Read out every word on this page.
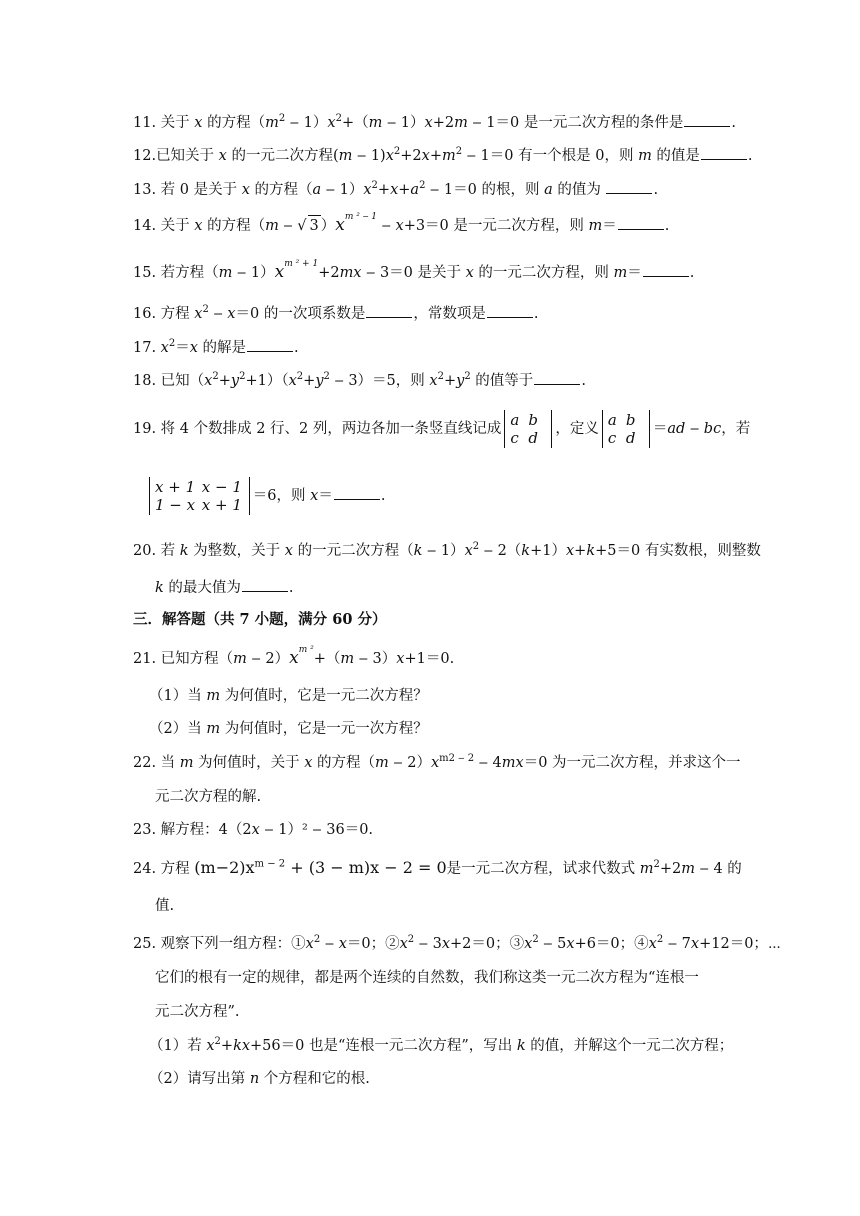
11. 关于 x 的方程（$m^2$ ‒ $1)x^2+(m$ ‒ 1）x+2m ‒ 1＝0 是一元二次方程的条件是	.
12.已知关于 x 的一元二次方程(m ‒ $1)x^2+2x+m^2$ ‒ 1＝0 有一个根是 0，则 m 的值是	.
13. 若 0 是关于 x 的方程（a ‒ $1)x^2+x+a^2$ ‒ 1＝0 的根，则 a 的值为	.
14. 关于 x 的方程（m ‒ √ 3 ）$x^{m ^2 ‒ 1}$ ‒ x+3＝0 是一元二次方程，则 m＝	.
15. 若方程（m ‒ $1)x^{m ^2 + 1}+2mx$ ‒ 3＝0 是关于 x 的一元二次方程，则 m＝	.
16. 方程 $x^2$ ‒ x＝0 的一次项系数是	，常数项是	.
17. $x^2=x$ 的解是	.
18. 已知$(x^2+y^2+1)(x^2+y^2$ ‒ 3）＝5，则 $x^2+y^2$ 的值等于	.
19. 将 4 个数排成 2 行、2 列，两边各加一条竖直线记成 a b
c d	，定义 a b
c d	＝ad ‒ bc，若
x + 1 x − 1
1 − x x + 1 ＝6，则 x＝	.
20. 若 k 为整数，关于 x 的一元二次方程（k ‒ $1)x^2$ ‒ 2（k+1）x+k+5＝0 有实数根，则整数
k 的最大值为	.
三．解答题（共 7 小题，满分 60 分）
21. 已知方程（m ‒ $2)x^{m ^2}+(m$ ‒ 3）x+1＝0.
（1）当 m 为何值时，它是一元二次方程？
（2）当 m 为何值时，它是一元一次方程？
22. 当 m 为何值时，关于 x 的方程（m ‒ $2)x^{m2 ‒ 2}$ ‒ 4mx＝0 为一元二次方程，并求这个一
元二次方程的解.
23. 解方程：4（2x ‒ 1）² ‒ 36＝0.
24. 方程 $(m-2)x^{m - 2} + (3 - m)x - 2 = 0$是一元二次方程，试求代数式 $m^2+2m$ ‒ 4 的
值.
25. 观察下列一组方程：$①x^2$ ‒ x＝0；$②x^2$ ‒ 3x+2＝0；$③x^2$ ‒ 5x+6＝0；$④x^2$ ‒ 7x+12＝0；⋯
它们的根有一定的规律，都是两个连续的自然数，我们称这类一元二次方程为“连根一
元二次方程”.
（1）若 $x^2+kx+56=0$ 也是“连根一元二次方程”，写出 k 的值，并解这个一元二次方程；
（2）请写出第 n 个方程和它的根.
